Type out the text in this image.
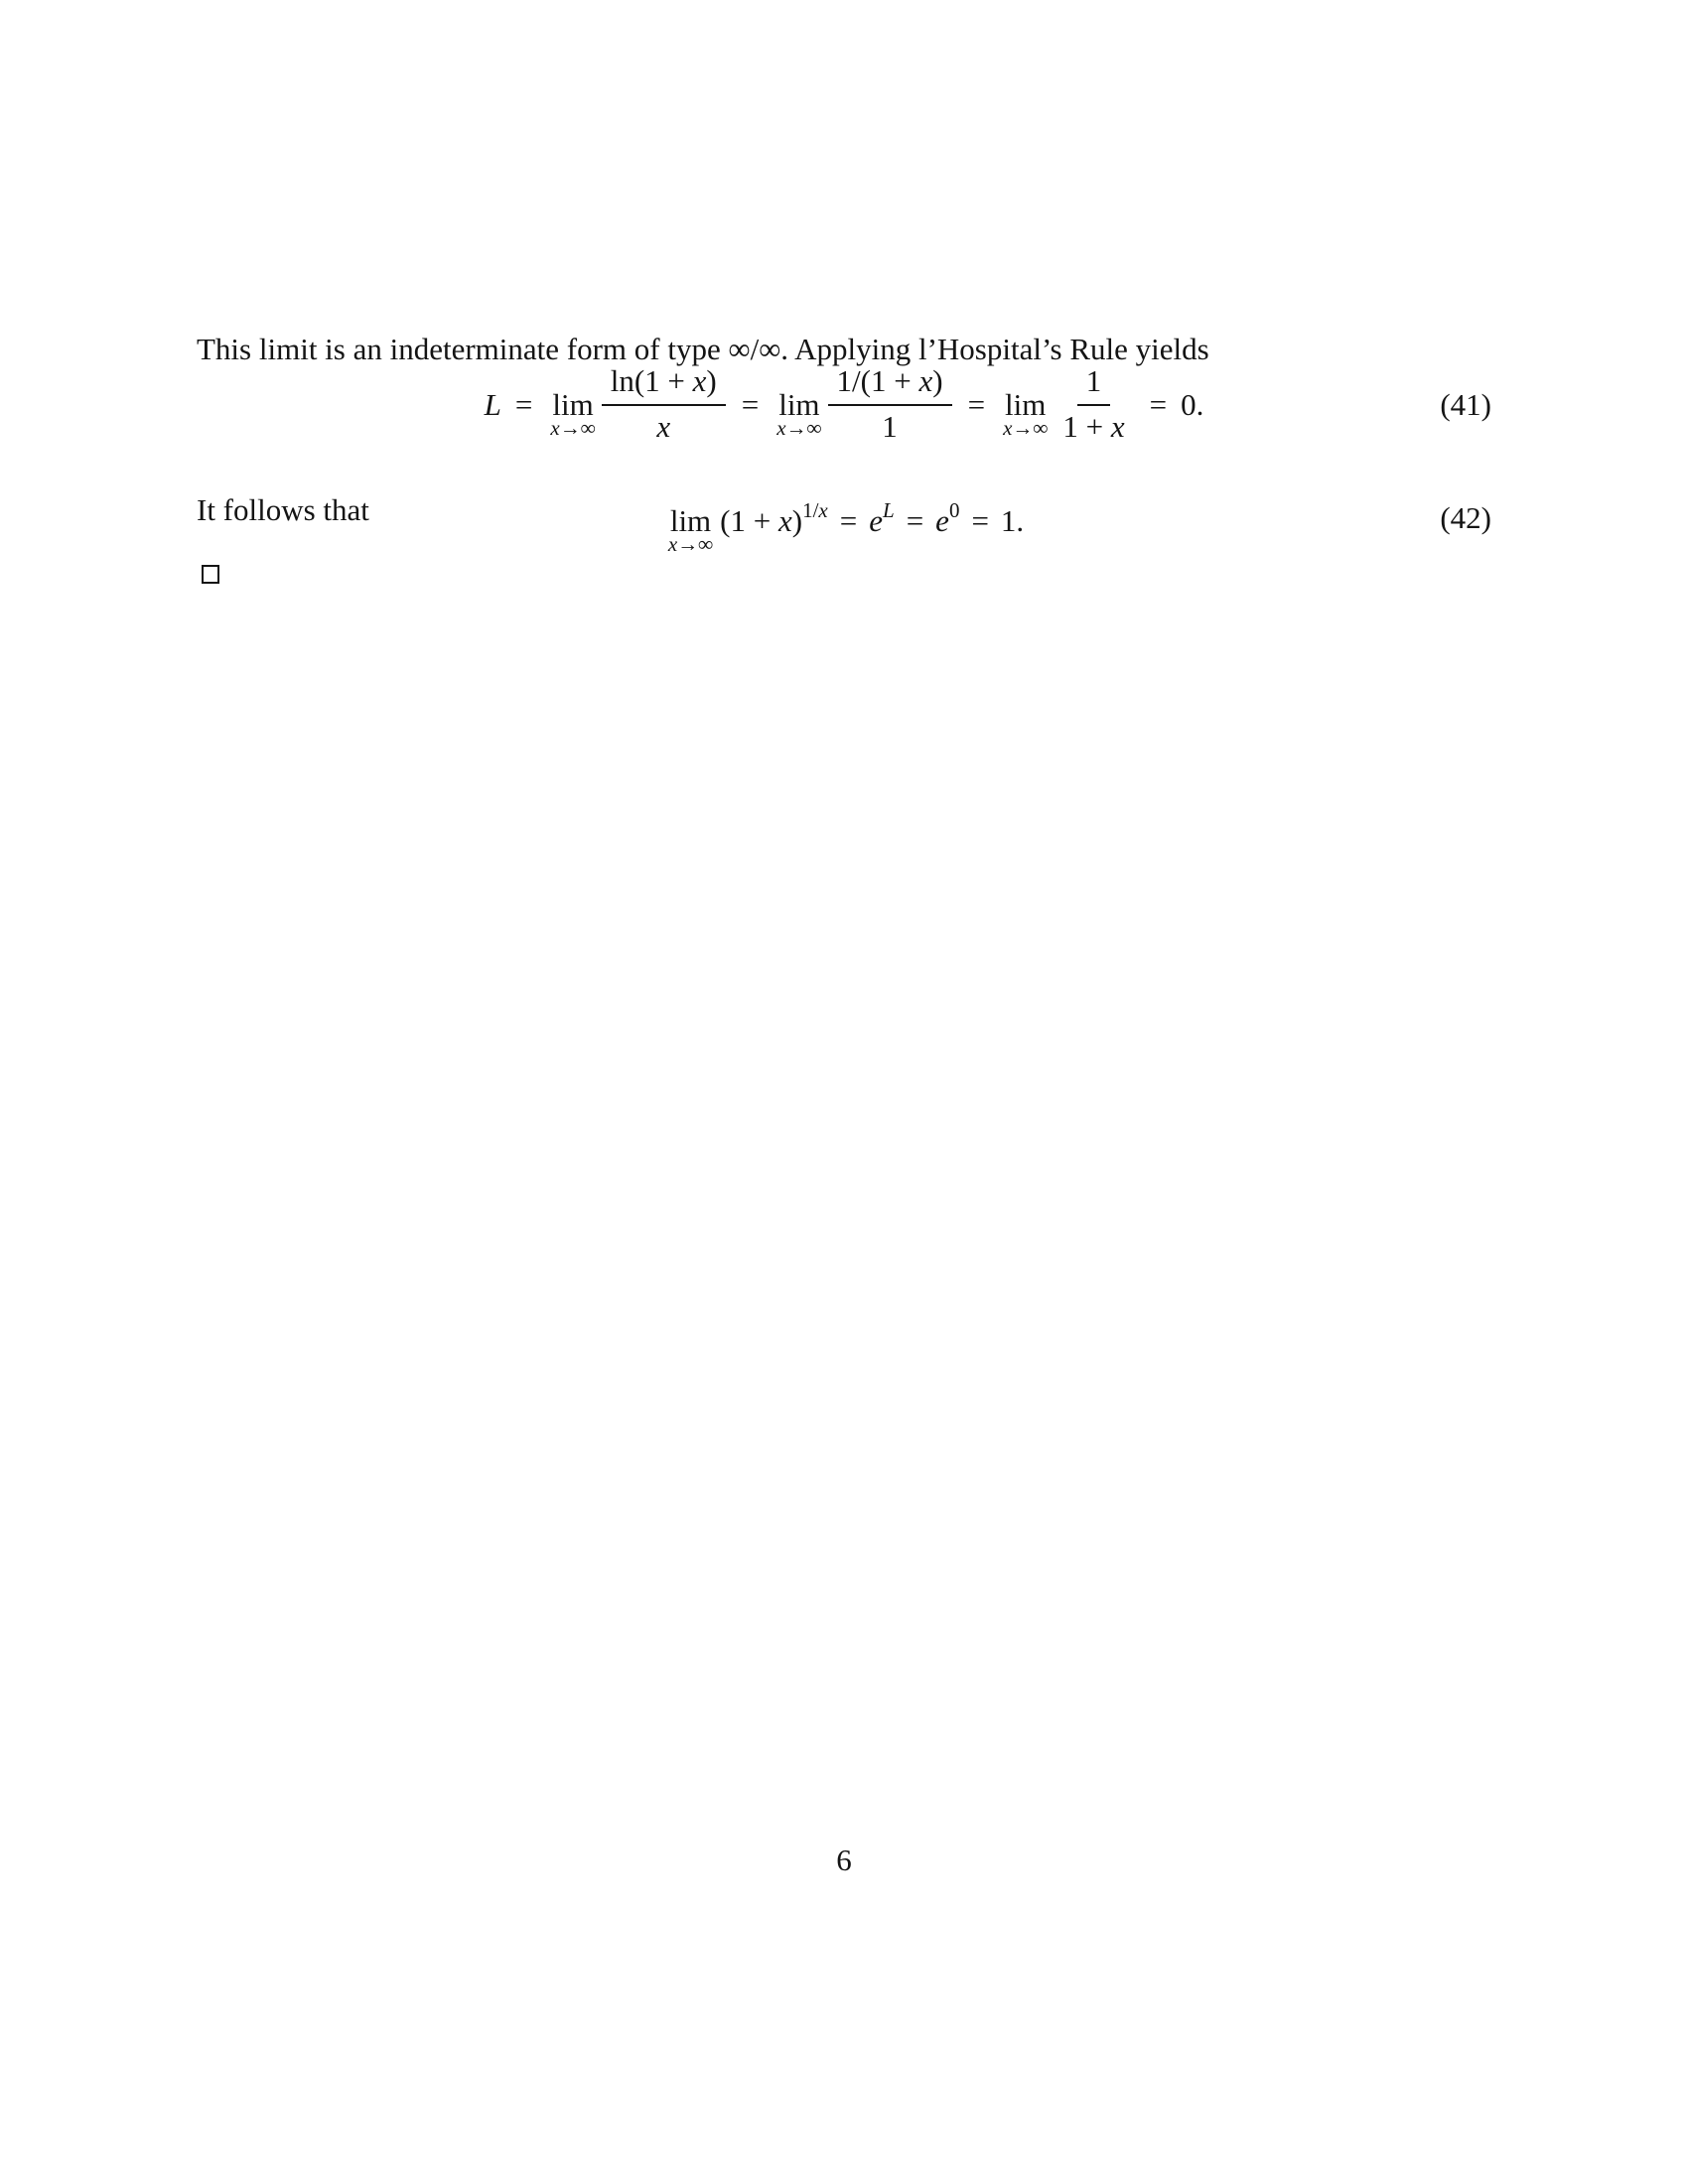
This limit is an indeterminate form of type ∞/∞. Applying l’Hospital’s Rule yields

L = lim
$x\to\infty \frac{\ln(1 + x)}{x} = \lim$
$x\to\infty \frac{1/(1 + x)}{1} = \lim$
$x\to\infty \frac{1}{1 + x} = 0$.	(41)

It follows that	lim
x→∞
$(1 + x)^{1/x} = e^L = e^0 = 1$.	(42)
6
